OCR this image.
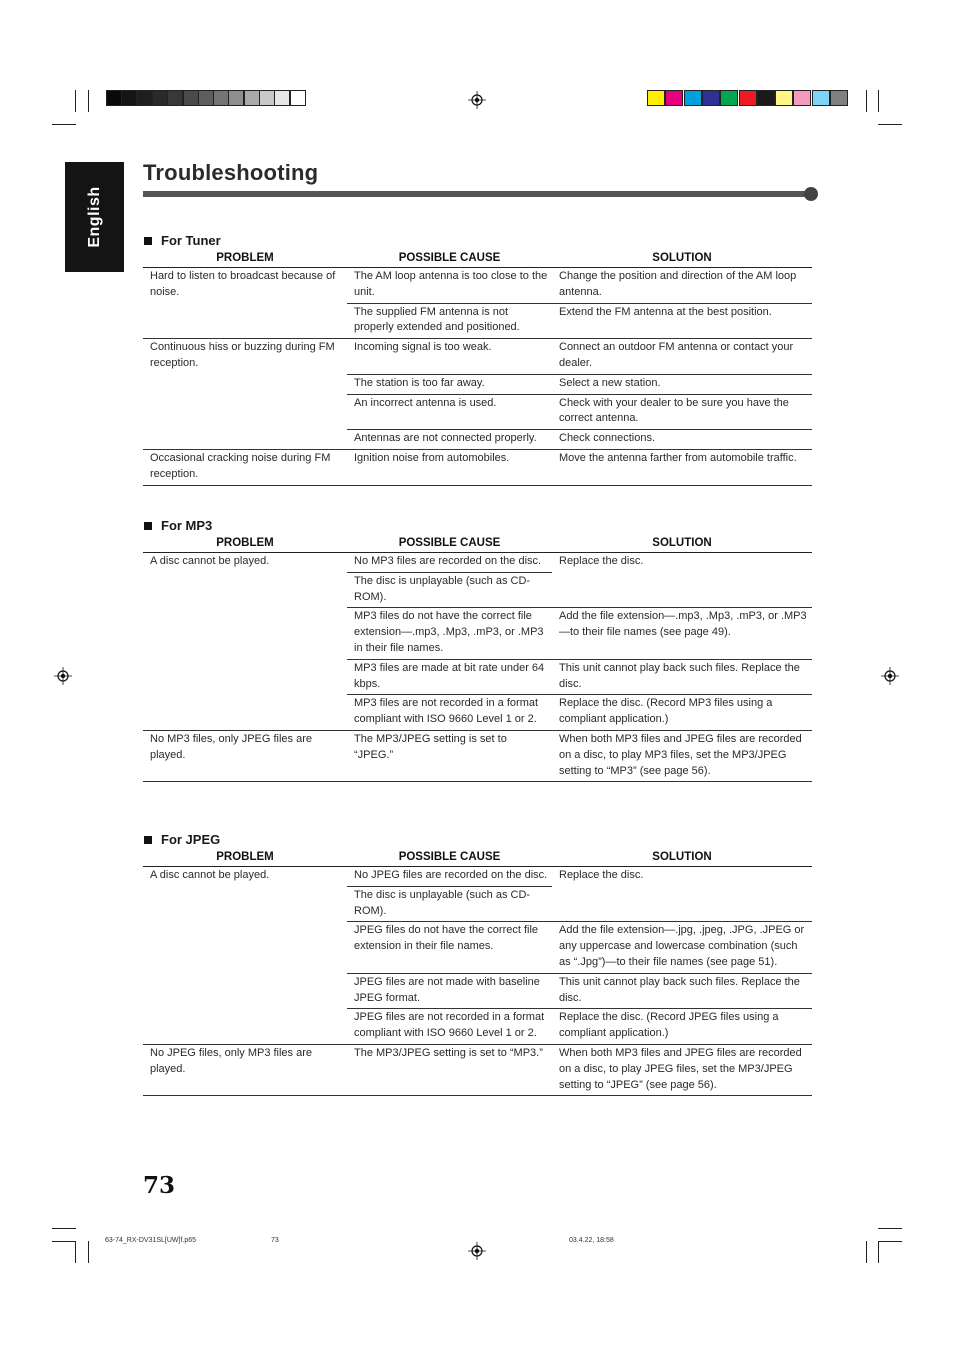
English
Troubleshooting
For Tuner
PROBLEM	POSSIBLE CAUSE	SOLUTION
Hard to listen to broadcast because of noise.	The AM loop antenna is too close to the unit.	Change the position and direction of the AM loop antenna.
	The supplied FM antenna is not properly extended and positioned.	Extend the FM antenna at the best position.
Continuous hiss or buzzing during FM reception.	Incoming signal is too weak.	Connect an outdoor FM antenna or contact your dealer.
	The station is too far away.	Select a new station.
	An incorrect antenna is used.	Check with your dealer to be sure you have the correct antenna.
	Antennas are not connected properly.	Check connections.
Occasional cracking noise during FM reception.	Ignition noise from automobiles.	Move the antenna farther from automobile traffic.
For MP3
PROBLEM	POSSIBLE CAUSE	SOLUTION
A disc cannot be played.	No MP3 files are recorded on the disc.	Replace the disc.
	The disc is unplayable (such as CD-ROM).	
	MP3 files do not have the correct file extension—.mp3, .Mp3, .mP3, or .MP3 in their file names.	Add the file extension—.mp3, .Mp3, .mP3, or .MP3—to their file names (see page 49).
	MP3 files are made at bit rate under 64 kbps.	This unit cannot play back such files. Replace the disc.
	MP3 files are not recorded in a format compliant with ISO 9660 Level 1 or 2.	Replace the disc. (Record MP3 files using a compliant application.)
No MP3 files, only JPEG files are played.	The MP3/JPEG setting is set to “JPEG.”	When both MP3 files and JPEG files are recorded on a disc, to play MP3 files, set the MP3/JPEG setting to “MP3” (see page 56).
For JPEG
PROBLEM	POSSIBLE CAUSE	SOLUTION
A disc cannot be played.	No JPEG files are recorded on the disc.	Replace the disc.
	The disc is unplayable (such as CD-ROM).	
	JPEG files do not have the correct file extension in their file names.	Add the file extension—.jpg, .jpeg, .JPG, .JPEG or any uppercase and lowercase combination (such as “.Jpg”)—to their file names (see page 51).
	JPEG files are not made with baseline JPEG format.	This unit cannot play back such files. Replace the disc.
	JPEG files are not recorded in a format compliant with ISO 9660 Level 1 or 2.	Replace the disc. (Record JPEG files using a compliant application.)
No JPEG files, only MP3 files are played.	The MP3/JPEG setting is set to “MP3.”	When both MP3 files and JPEG files are recorded on a disc, to play JPEG files, set the MP3/JPEG setting to “JPEG” (see page 56).
73
63-74_RX-DV31SL[UW]f.p65	73	03.4.22, 18:58
